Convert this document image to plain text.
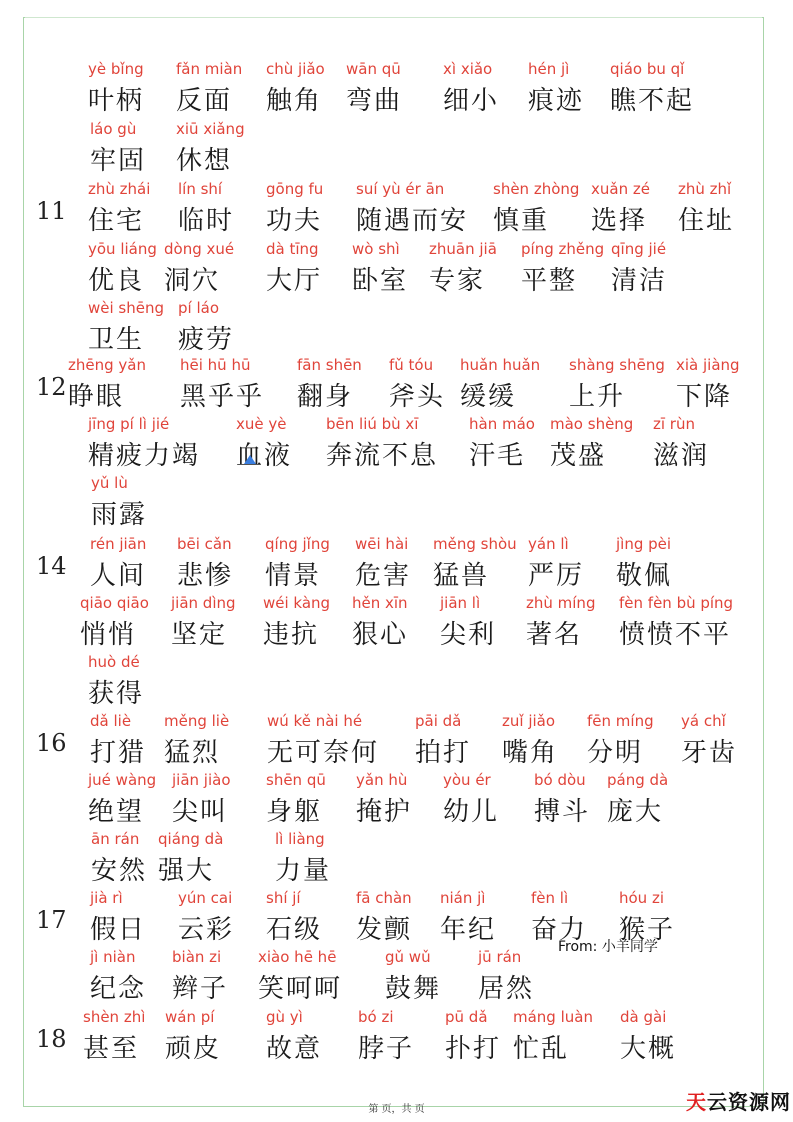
yè bǐng
叶柄
fǎn miàn
反面
chù jiǎo
触角
wān qū
弯曲
xì xiǎo
细小
hén jì
痕迹
qiáo bu qǐ
瞧不起
láo gù
牢固
xiū xiǎng
休想
zhù zhái
住宅
lín shí
临时
gōng fu
功夫
suí yù ér ān
随遇而安
shèn zhòng
慎重
xuǎn zé
选择
zhù zhǐ
住址
yōu liáng
优良
dòng xué
洞穴
dà tīng
大厅
wò shì
卧室
zhuān jiā
专家
píng zhěng
平整
qīng jié
清洁
wèi shēng
卫生
pí láo
疲劳
zhēng yǎn
睁眼
hēi hū hū
黑乎乎
fān shēn
翻身
fǔ tóu
斧头
huǎn huǎn
缓缓
shàng shēng
上升
xià jiàng
下降
jīng pí lì jié
精疲力竭
xuè yè
血液
bēn liú bù xī
奔流不息
hàn máo
汗毛
mào shèng
茂盛
zī rùn
滋润
yǔ lù
雨露
rén jiān
人间
bēi cǎn
悲惨
qíng jǐng
情景
wēi hài
危害
měng shòu
猛兽
yán lì
严厉
jìng pèi
敬佩
qiāo qiāo
悄悄
jiān dìng
坚定
wéi kàng
违抗
hěn xīn
狠心
jiān lì
尖利
zhù míng
著名
fèn fèn bù píng
愤愤不平
huò dé
获得
dǎ liè
打猎
měng liè
猛烈
wú kě nài hé
无可奈何
pāi dǎ
拍打
zuǐ jiǎo
嘴角
fēn míng
分明
yá chǐ
牙齿
jué wàng
绝望
jiān jiào
尖叫
shēn qū
身躯
yǎn hù
掩护
yòu ér
幼儿
bó dòu
搏斗
páng dà
庞大
ān rán
安然
qiáng dà
强大
lì liàng
力量
jià rì
假日
yún cai
云彩
shí jí
石级
fā chàn
发颤
nián jì
年纪
fèn lì
奋力
hóu zi
猴子
jì niàn
纪念
biàn zi
辫子
xiào hē hē
笑呵呵
gǔ wǔ
鼓舞
jū rán
居然
shèn zhì
甚至
wán pí
顽皮
gù yì
故意
bó zi
脖子
pū dǎ
扑打
máng luàn
忙乱
dà gài
大概
11
12
14
16
17
18
From: 小羊同学
第 页，共 页	天云资源网
